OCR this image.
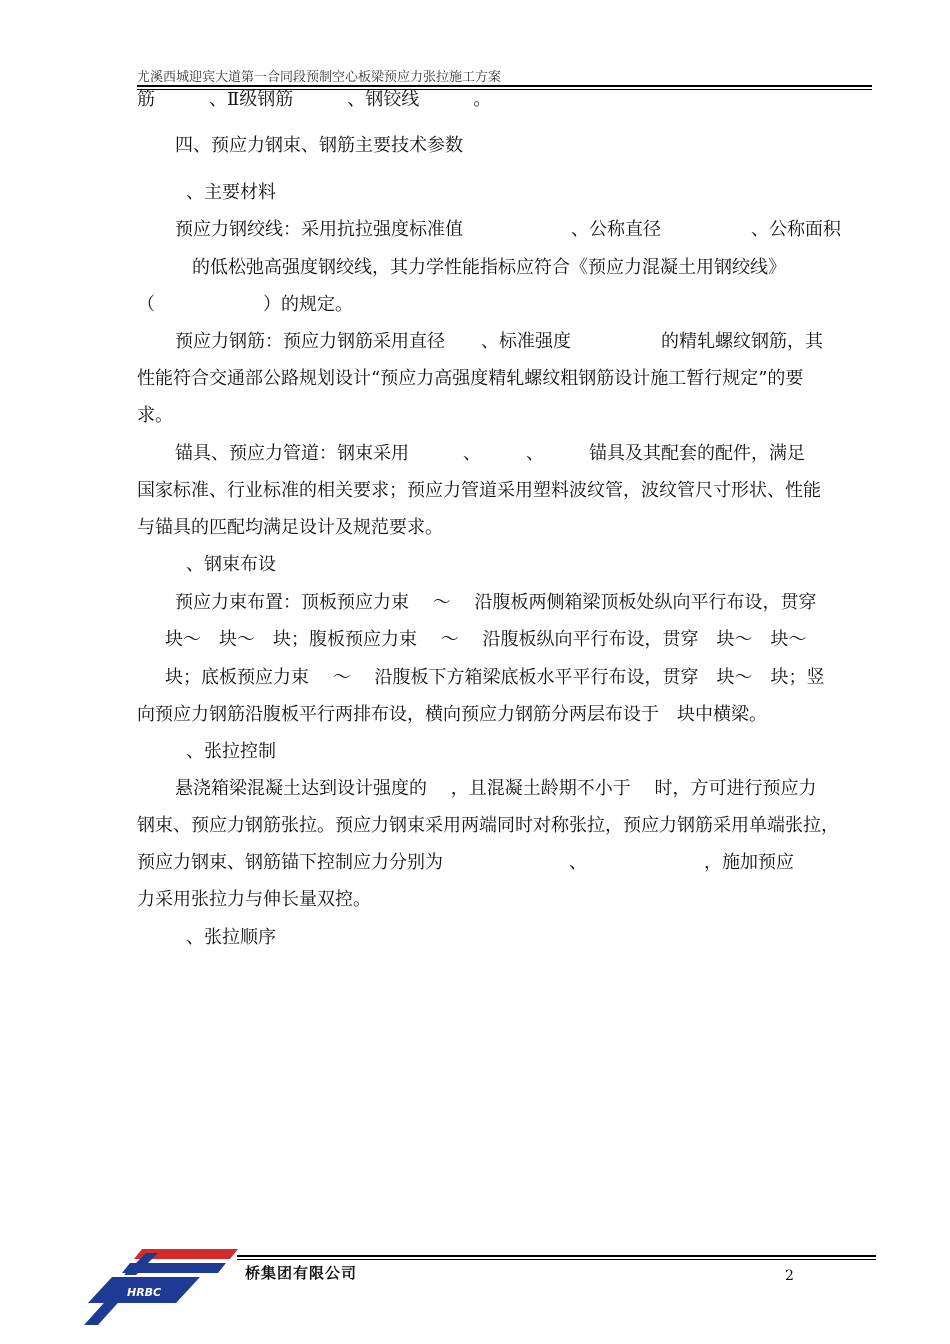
尤溪西城迎宾大道第一合同段预制空心板梁预应力张拉施工方案
筋　　　、Ⅱ级钢筋　　　、钢铰线　　　。
四、预应力钢束、钢筋主要技术参数
、主要材料
预应力钢绞线：采用抗拉强度标准值　　　　　　、公称直径　　　　　、公称面积
的低松弛高强度钢绞线，其力学性能指标应符合《预应力混凝土用钢绞线》
（　　　　　　）的规定。
预应力钢筋：预应力钢筋采用直径　　、标准强度　　　　　的精轧螺纹钢筋，其
性能符合交通部公路规划设计“预应力高强度精轧螺纹粗钢筋设计施工暂行规定”的要
求。
锚具、预应力管道：钢束采用　　　、　　　、　　　锚具及其配套的配件，满足
国家标准、行业标准的相关要求；预应力管道采用塑料波纹管，波纹管尺寸形状、性能
与锚具的匹配均满足设计及规范要求。
、钢束布设
预应力束布置：顶板预应力束　 ～　 沿腹板两侧箱梁顶板处纵向平行布设，贯穿
块～　块～　块；腹板预应力束　 ～　 沿腹板纵向平行布设，贯穿　块～　块～
块；底板预应力束　 ～　 沿腹板下方箱梁底板水平平行布设，贯穿　块～　块；竖
向预应力钢筋沿腹板平行两排布设，横向预应力钢筋分两层布设于　块中横梁。
、张拉控制
悬浇箱梁混凝土达到设计强度的　 ，且混凝土龄期不小于　 时，方可进行预应力
钢束、预应力钢筋张拉。预应力钢束采用两端同时对称张拉，预应力钢筋采用单端张拉，
预应力钢束、钢筋锚下控制应力分别为　　　　　　　、　　　　　　　，施加预应
力采用张拉力与伸长量双控。
、张拉顺序
HRBC
桥集团有限公司	2
